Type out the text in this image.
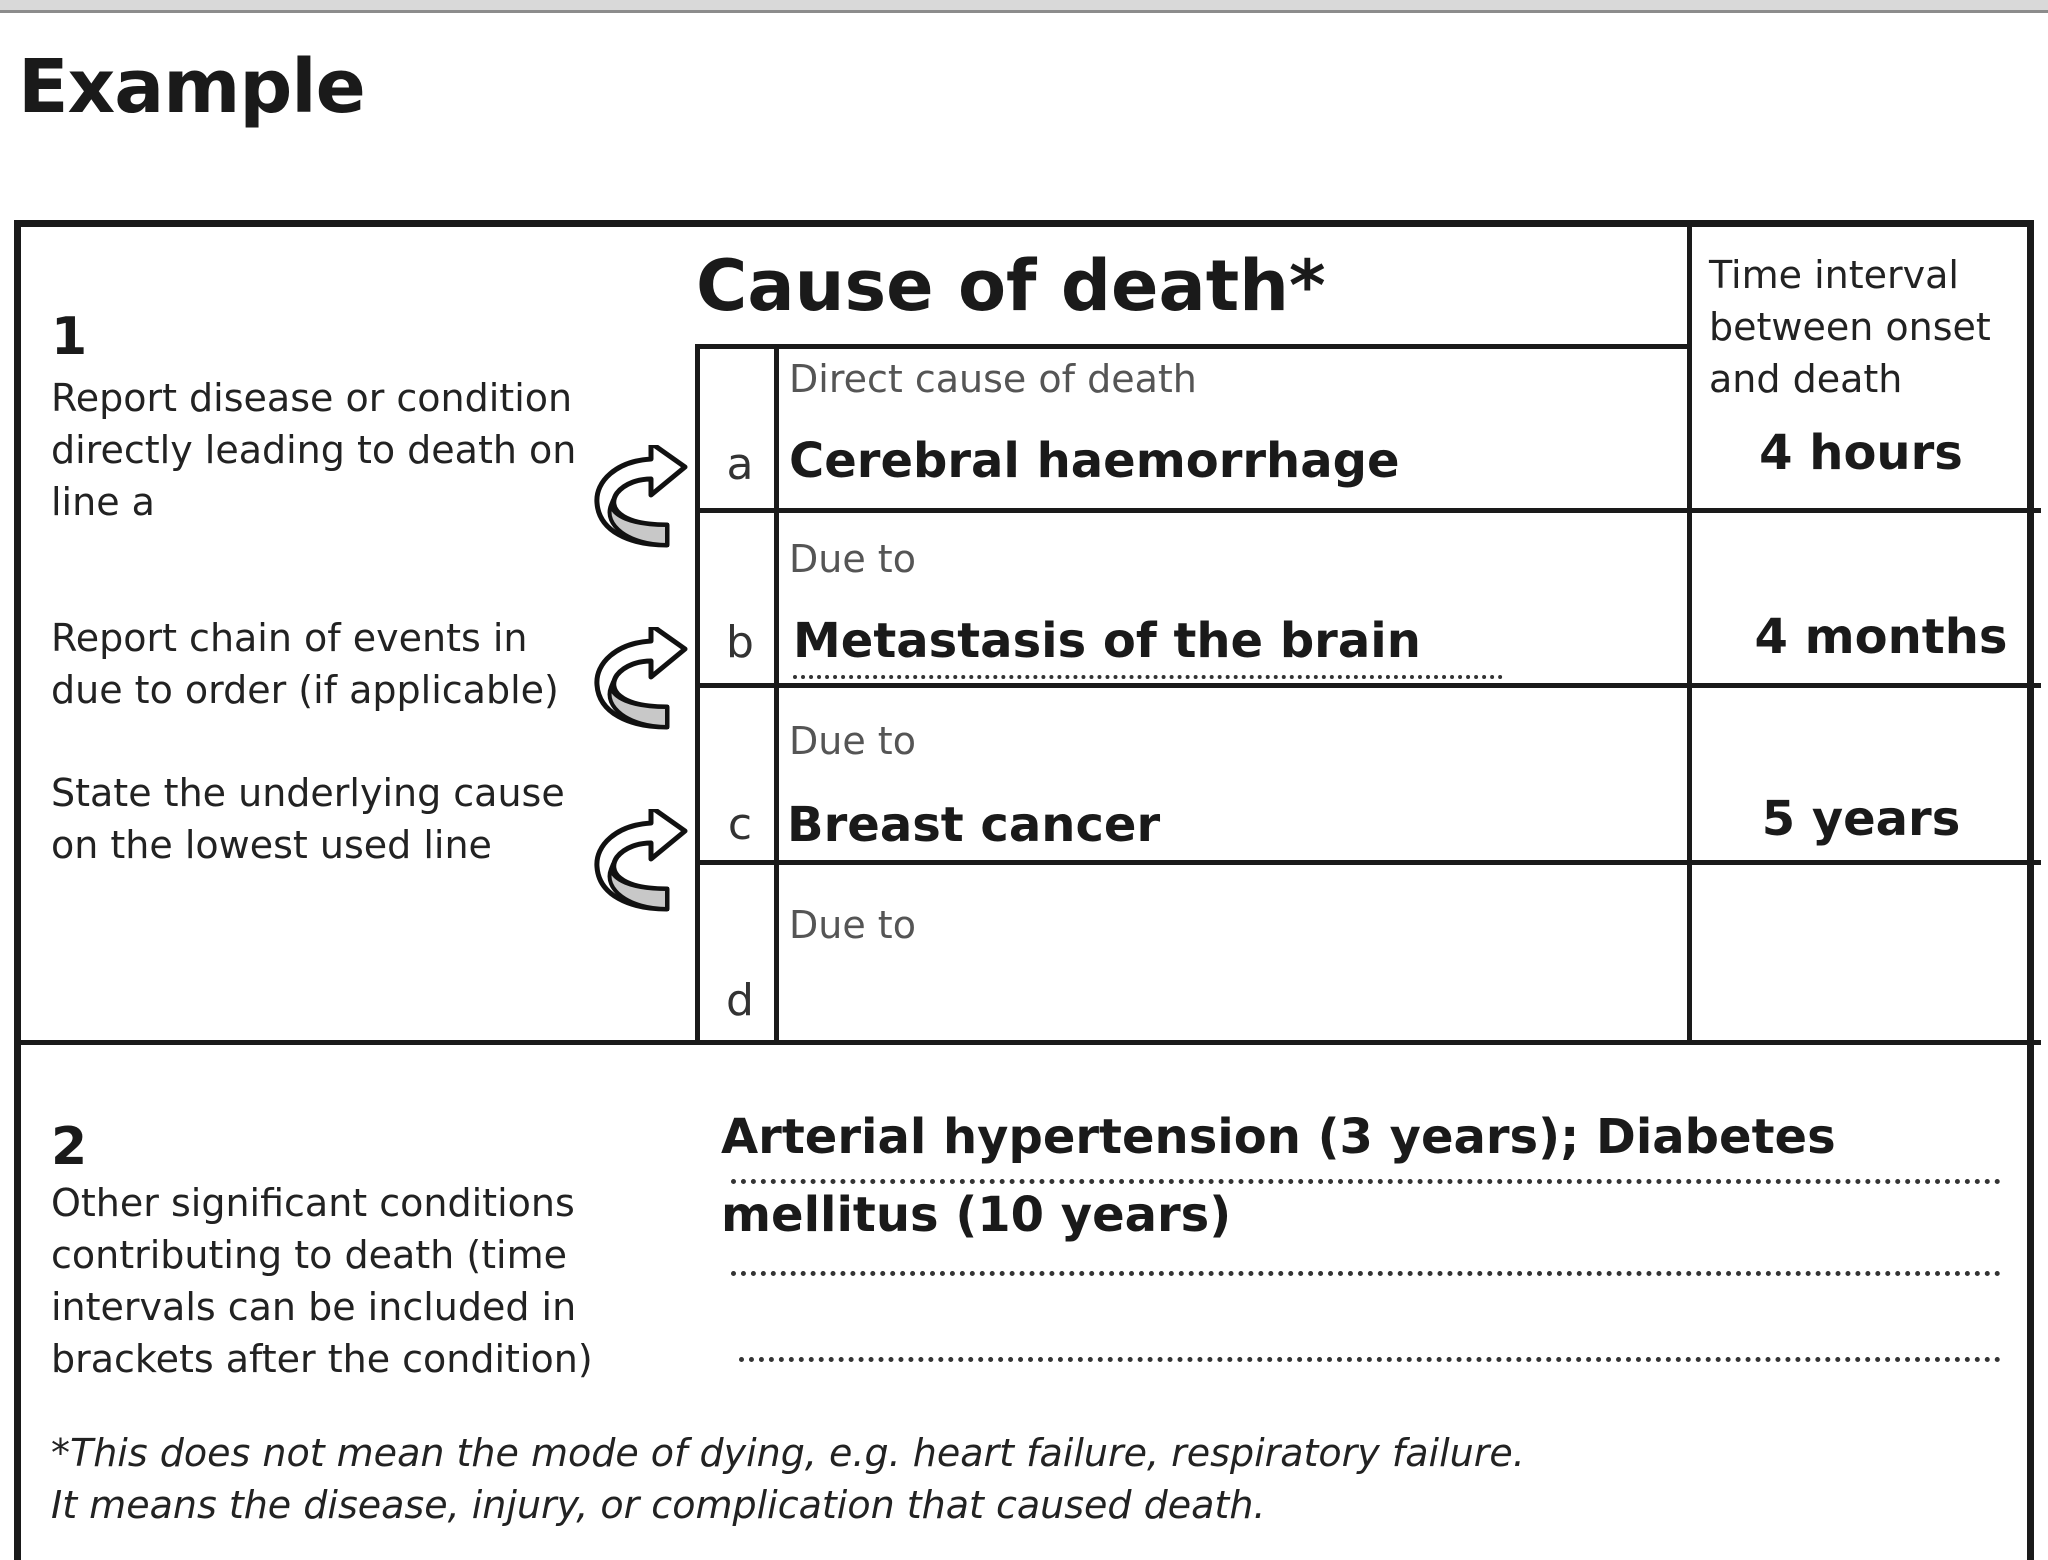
Example
1
Report disease or condition directly leading to death on line a
Report chain of events in due to order (if applicable)
State the underlying cause on the lowest used line
Cause of death*	Time interval between onset and death
Direct cause of death
a Cerebral haemorrhage	4 hours
Due to
b Metastasis of the brain	4 months
Due to
c Breast cancer	5 years
Due to
d
2
Other significant conditions contributing to death (time intervals can be included in brackets after the condition)
Arterial hypertension (3 years); Diabetes
mellitus (10 years)
*This does not mean the mode of dying, e.g. heart failure, respiratory failure.
It means the disease, injury, or complication that caused death.
